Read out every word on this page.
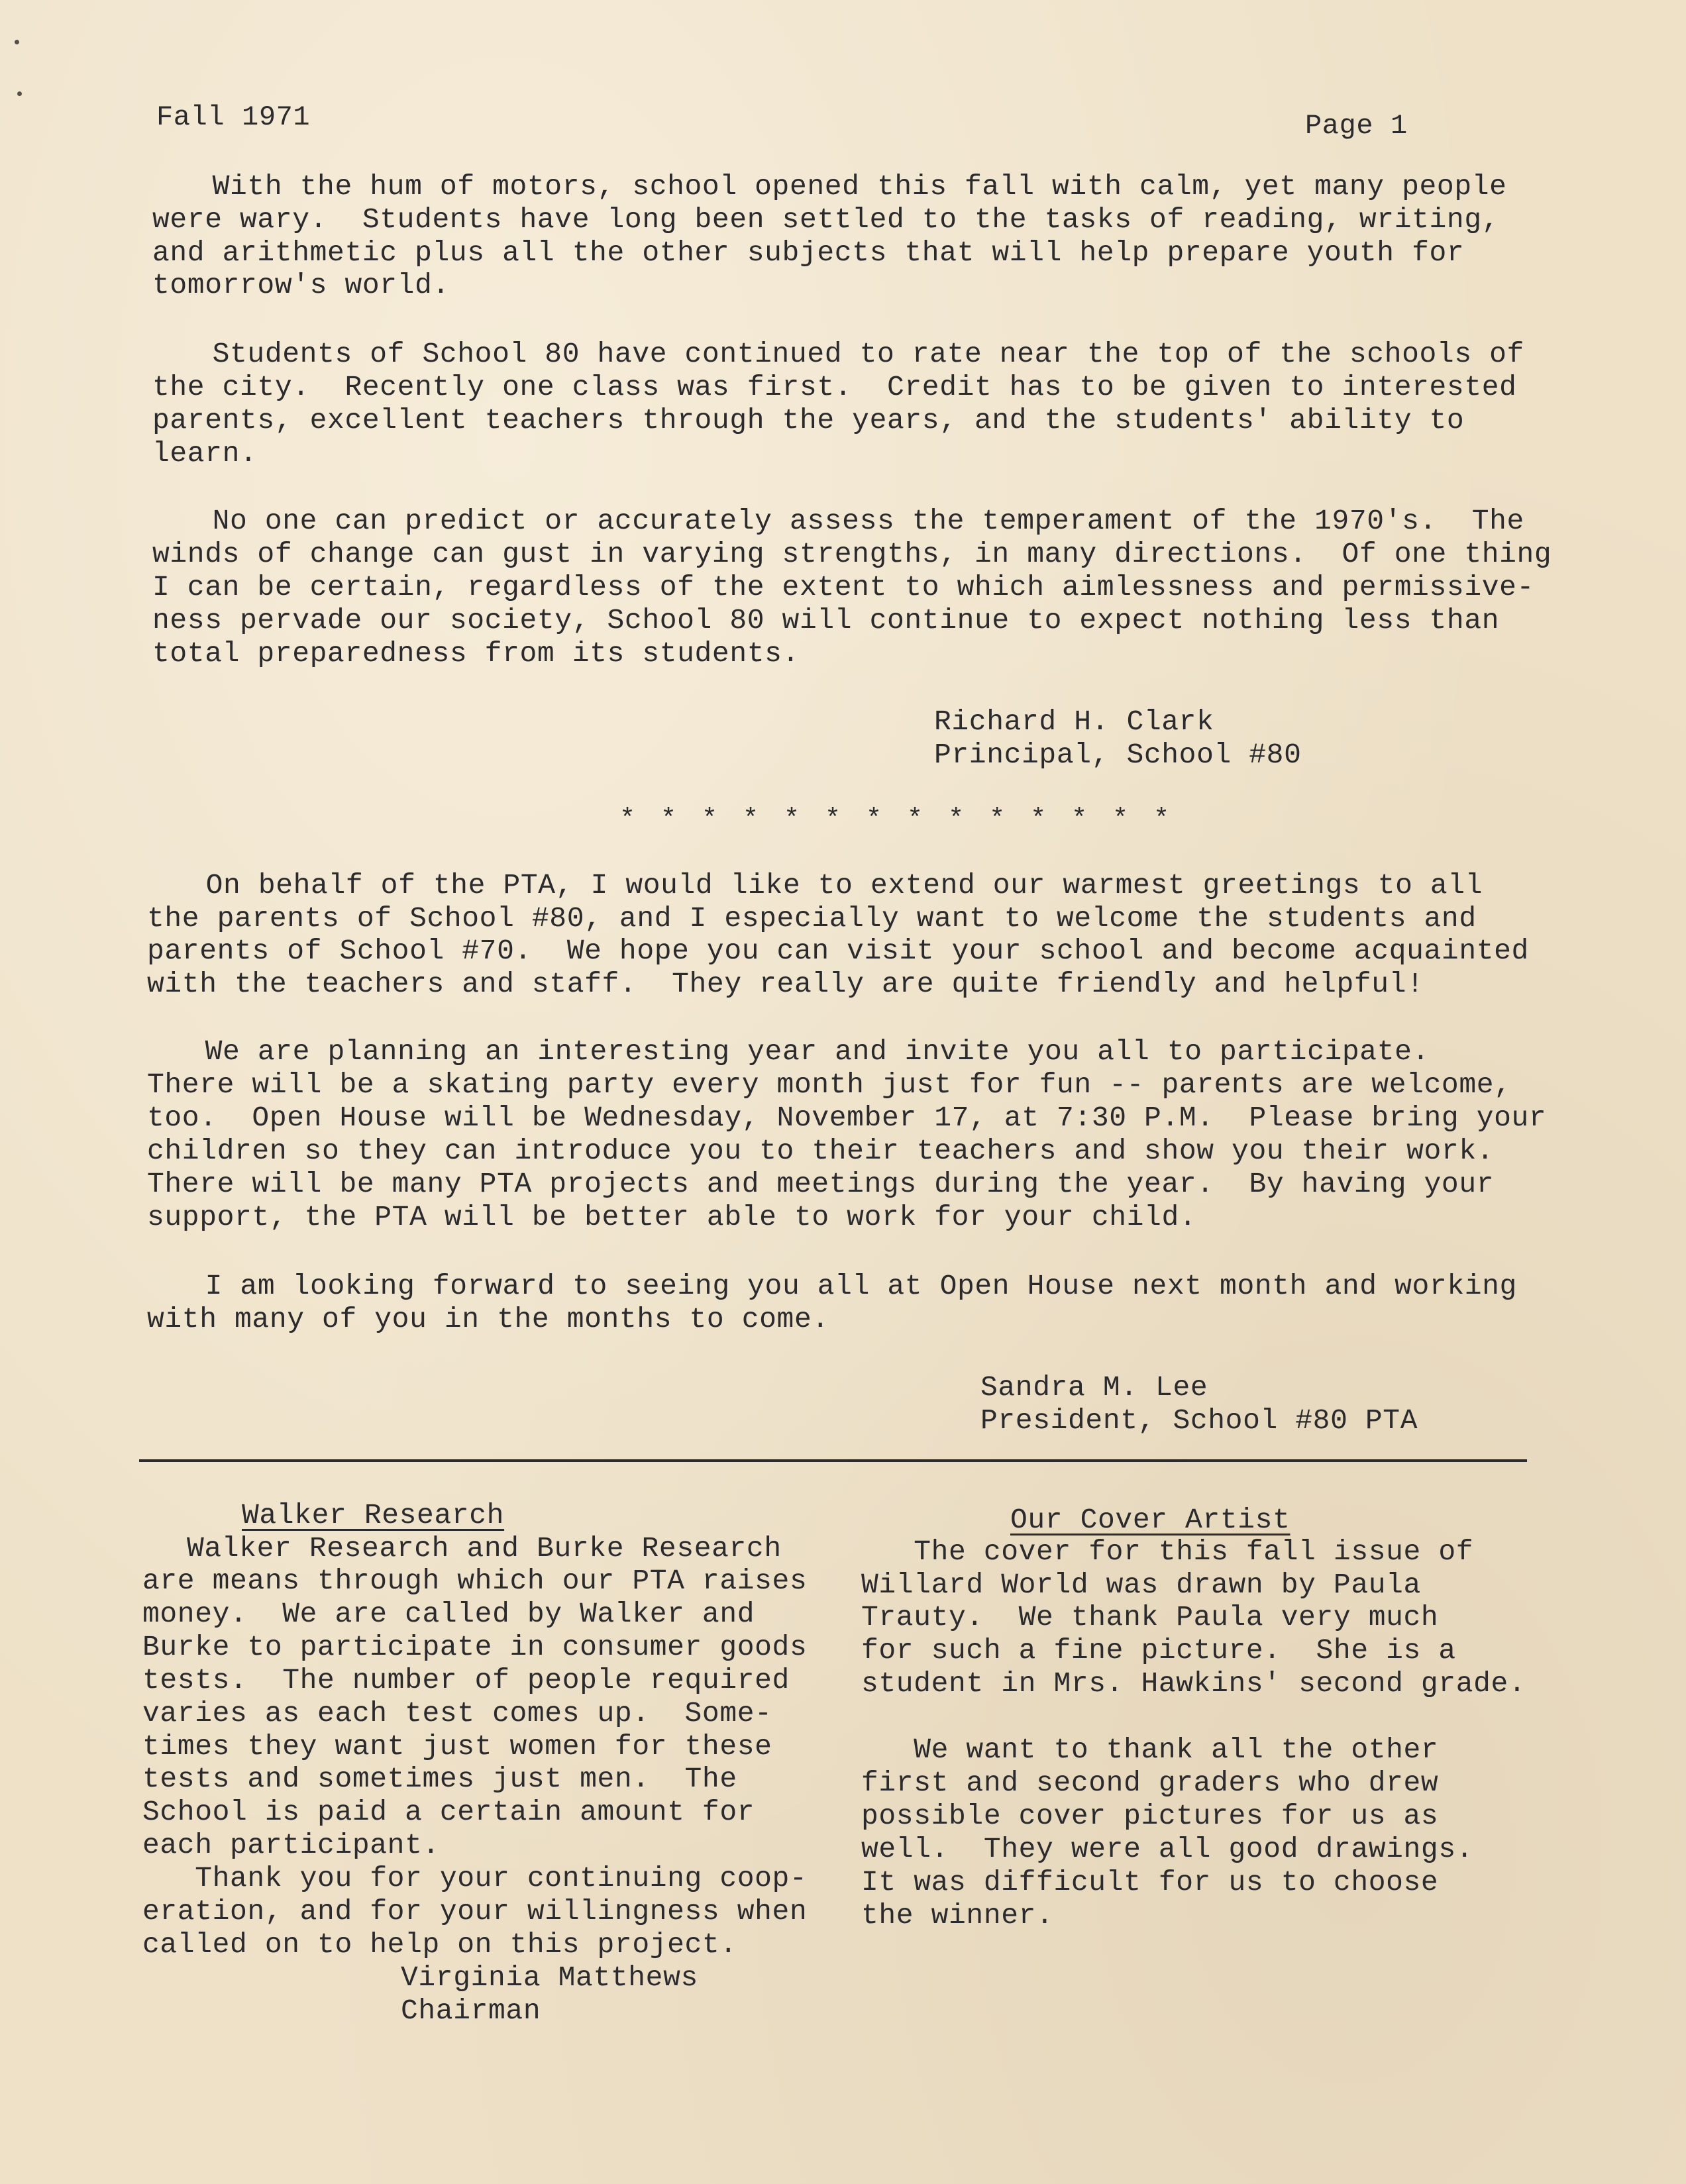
Fall 1971	Page 1
With the hum of motors, school opened this fall with calm, yet many people
were wary.  Students have long been settled to the tasks of reading, writing,
and arithmetic plus all the other subjects that will help prepare youth for
tomorrow's world.
Students of School 80 have continued to rate near the top of the schools of
the city.  Recently one class was first.  Credit has to be given to interested
parents, excellent teachers through the years, and the students' ability to
learn.
No one can predict or accurately assess the temperament of the 1970's.  The
winds of change can gust in varying strengths, in many directions.  Of one thing
I can be certain, regardless of the extent to which aimlessness and permissive-
ness pervade our society, School 80 will continue to expect nothing less than
total preparedness from its students.
Richard H. Clark
Principal, School #80
* * * * * * * * * * * * * *
On behalf of the PTA, I would like to extend our warmest greetings to all
the parents of School #80, and I especially want to welcome the students and
parents of School #70.  We hope you can visit your school and become acquainted
with the teachers and staff.  They really are quite friendly and helpful!
We are planning an interesting year and invite you all to participate.
There will be a skating party every month just for fun -- parents are welcome,
too.  Open House will be Wednesday, November 17, at 7:30 P.M.  Please bring your
children so they can introduce you to their teachers and show you their work.
There will be many PTA projects and meetings during the year.  By having your
support, the PTA will be better able to work for your child.
I am looking forward to seeing you all at Open House next month and working
with many of you in the months to come.
Sandra M. Lee
President, School #80 PTA
Walker Research
Walker Research and Burke Research
are means through which our PTA raises
money.  We are called by Walker and
Burke to participate in consumer goods
tests.  The number of people required
varies as each test comes up.  Some-
times they want just women for these
tests and sometimes just men.  The
School is paid a certain amount for
each participant.
Thank you for your continuing coop-
eration, and for your willingness when
called on to help on this project.
Virginia Matthews
Chairman
Our Cover Artist
The cover for this fall issue of
Willard World was drawn by Paula
Trauty.  We thank Paula very much
for such a fine picture.  She is a
student in Mrs. Hawkins' second grade.
We want to thank all the other
first and second graders who drew
possible cover pictures for us as
well.  They were all good drawings.
It was difficult for us to choose
the winner.
